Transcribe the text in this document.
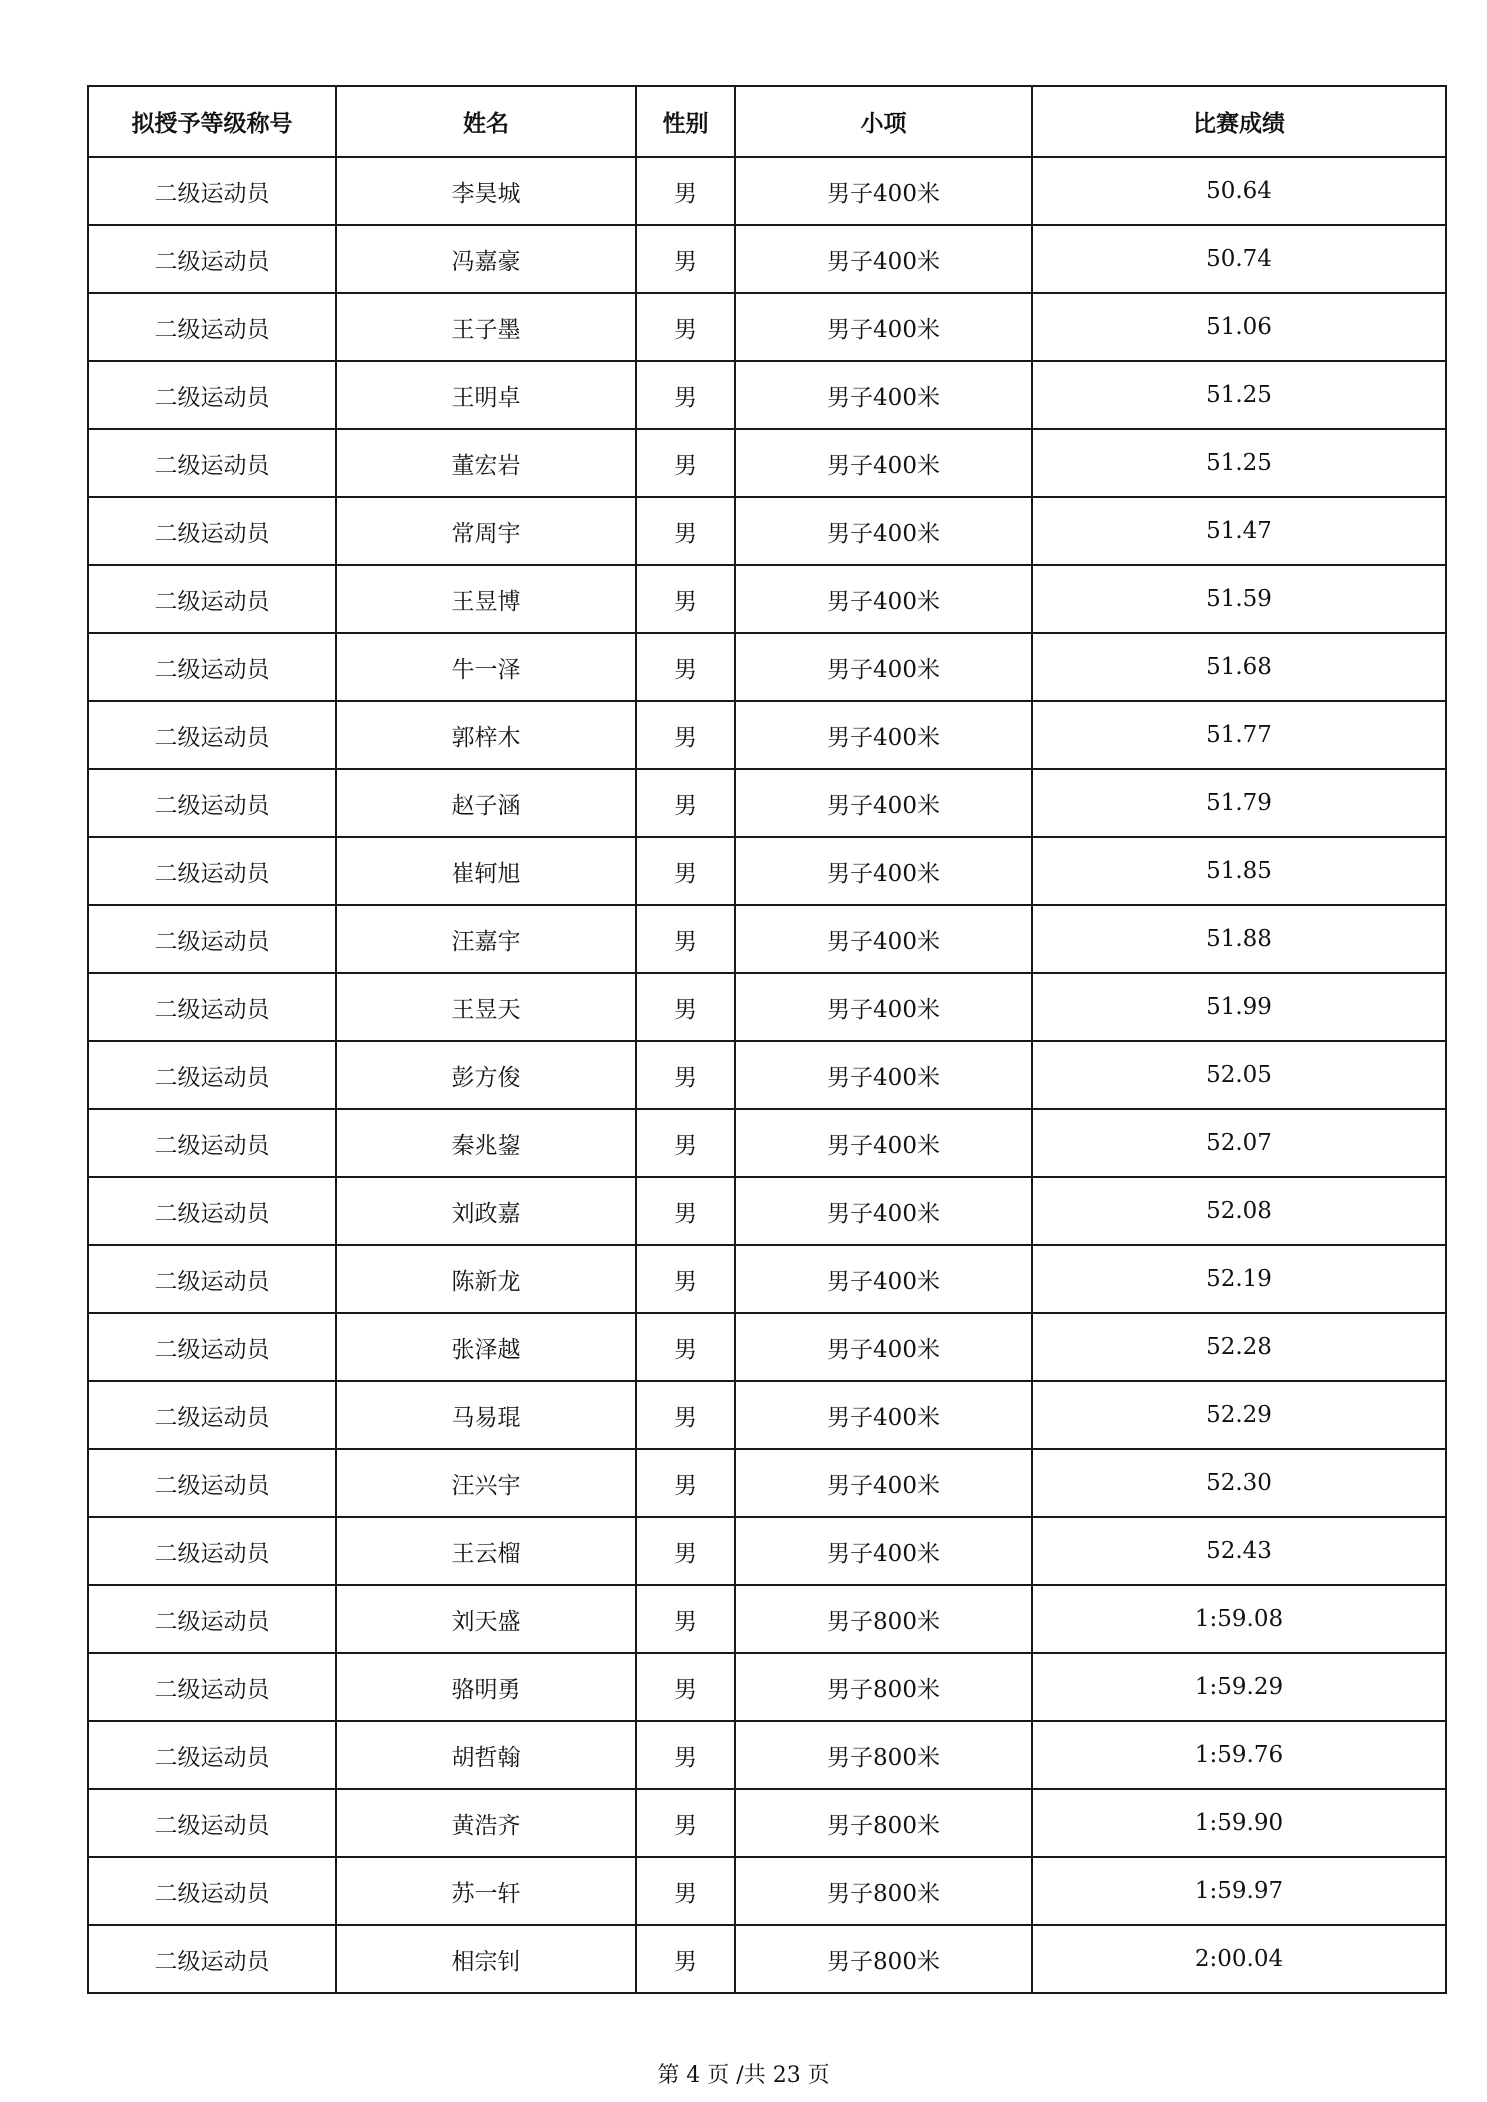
拟授予等级称号	姓名	性别	小项	比赛成绩
二级运动员	李昊城	男	男子400米	50.64
二级运动员	冯嘉豪	男	男子400米	50.74
二级运动员	王子墨	男	男子400米	51.06
二级运动员	王明卓	男	男子400米	51.25
二级运动员	董宏岩	男	男子400米	51.25
二级运动员	常周宇	男	男子400米	51.47
二级运动员	王昱博	男	男子400米	51.59
二级运动员	牛一泽	男	男子400米	51.68
二级运动员	郭梓木	男	男子400米	51.77
二级运动员	赵子涵	男	男子400米	51.79
二级运动员	崔轲旭	男	男子400米	51.85
二级运动员	汪嘉宇	男	男子400米	51.88
二级运动员	王昱天	男	男子400米	51.99
二级运动员	彭方俊	男	男子400米	52.05
二级运动员	秦兆鋆	男	男子400米	52.07
二级运动员	刘政嘉	男	男子400米	52.08
二级运动员	陈新龙	男	男子400米	52.19
二级运动员	张泽越	男	男子400米	52.28
二级运动员	马易琨	男	男子400米	52.29
二级运动员	汪兴宇	男	男子400米	52.30
二级运动员	王云榴	男	男子400米	52.43
二级运动员	刘天盛	男	男子800米	1:59.08
二级运动员	骆明勇	男	男子800米	1:59.29
二级运动员	胡哲翰	男	男子800米	1:59.76
二级运动员	黄浩齐	男	男子800米	1:59.90
二级运动员	苏一轩	男	男子800米	1:59.97
二级运动员	相宗钊	男	男子800米	2:00.04
第 4 页 /共 23 页
